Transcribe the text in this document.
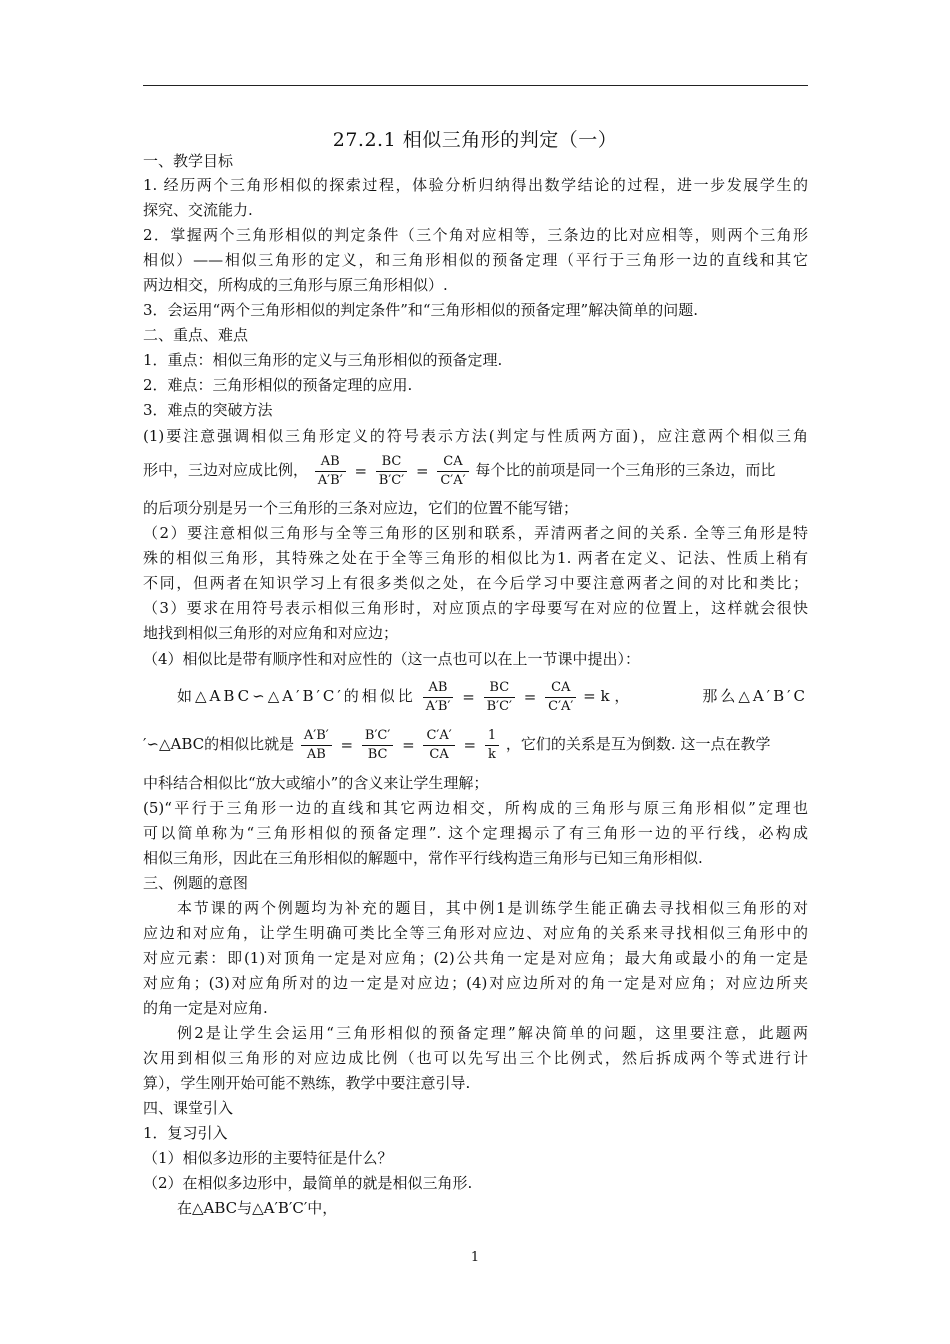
27.2.1 相似三角形的判定（一）
一、教学目标
1. 经历两个三角形相似的探索过程，体验分析归纳得出数学结论的过程，进一步发展学生的
探究、交流能力.
2．掌握两个三角形相似的判定条件（三个角对应相等，三条边的比对应相等，则两个三角形
相似）——相似三角形的定义，和三角形相似的预备定理（平行于三角形一边的直线和其它
两边相交，所构成的三角形与原三角形相似）.
3．会运用“两个三角形相似的判定条件”和“三角形相似的预备定理”解决简单的问题.
二、重点、难点
1．重点：相似三角形的定义与三角形相似的预备定理.
2．难点：三角形相似的预备定理的应用.
3．难点的突破方法
(1)要注意强调相似三角形定义的符号表示方法(判定与性质两方面)，应注意两个相似三角
形中，三边对应成比例， $\frac{AB}{A'B'} = \frac{BC}{B'C'} = \frac{CA}{C'A'}$ 每个比的前项是同一个三角形的三条边，而比
的后项分别是另一个三角形的三条对应边，它们的位置不能写错；
（2）要注意相似三角形与全等三角形的区别和联系，弄清两者之间的关系. 全等三角形是特
殊的相似三角形，其特殊之处在于全等三角形的相似比为1. 两者在定义、记法、性质上稍有
不同，但两者在知识学习上有很多类似之处，在今后学习中要注意两者之间的对比和类比；
（3）要求在用符号表示相似三角形时，对应顶点的字母要写在对应的位置上，这样就会很快
地找到相似三角形的对应角和对应边；
（4）相似比是带有顺序性和对应性的（这一点也可以在上一节课中提出）：
如△ABC∽△A′B′C′的相似比 $\frac{AB}{A'B'} = \frac{BC}{B'C'} = \frac{CA}{C'A'} = k$ ，	那么△A′B′C
′∽△ABC的相似比就是 $\frac{A'B'}{AB} = \frac{B'C'}{BC} = \frac{C'A'}{CA} = \frac{1}{k}$ ，它们的关系是互为倒数. 这一点在教学
中科结合相似比“放大或缩小”的含义来让学生理解；
(5)“平行于三角形一边的直线和其它两边相交，所构成的三角形与原三角形相似”定理也
可以简单称为“三角形相似的预备定理”. 这个定理揭示了有三角形一边的平行线，必构成
相似三角形，因此在三角形相似的解题中，常作平行线构造三角形与已知三角形相似.
三、例题的意图
本节课的两个例题均为补充的题目，其中例1是训练学生能正确去寻找相似三角形的对
应边和对应角，让学生明确可类比全等三角形对应边、对应角的关系来寻找相似三角形中的
对应元素：即(1)对顶角一定是对应角；(2)公共角一定是对应角；最大角或最小的角一定是
对应角；(3)对应角所对的边一定是对应边；(4)对应边所对的角一定是对应角；对应边所夹
的角一定是对应角.
例2是让学生会运用“三角形相似的预备定理”解决简单的问题，这里要注意，此题两
次用到相似三角形的对应边成比例（也可以先写出三个比例式，然后拆成两个等式进行计
算），学生刚开始可能不熟练，教学中要注意引导.
四、课堂引入
1．复习引入
（1）相似多边形的主要特征是什么？
（2）在相似多边形中，最简单的就是相似三角形.
在△ABC与△A′B′C′中，
1
